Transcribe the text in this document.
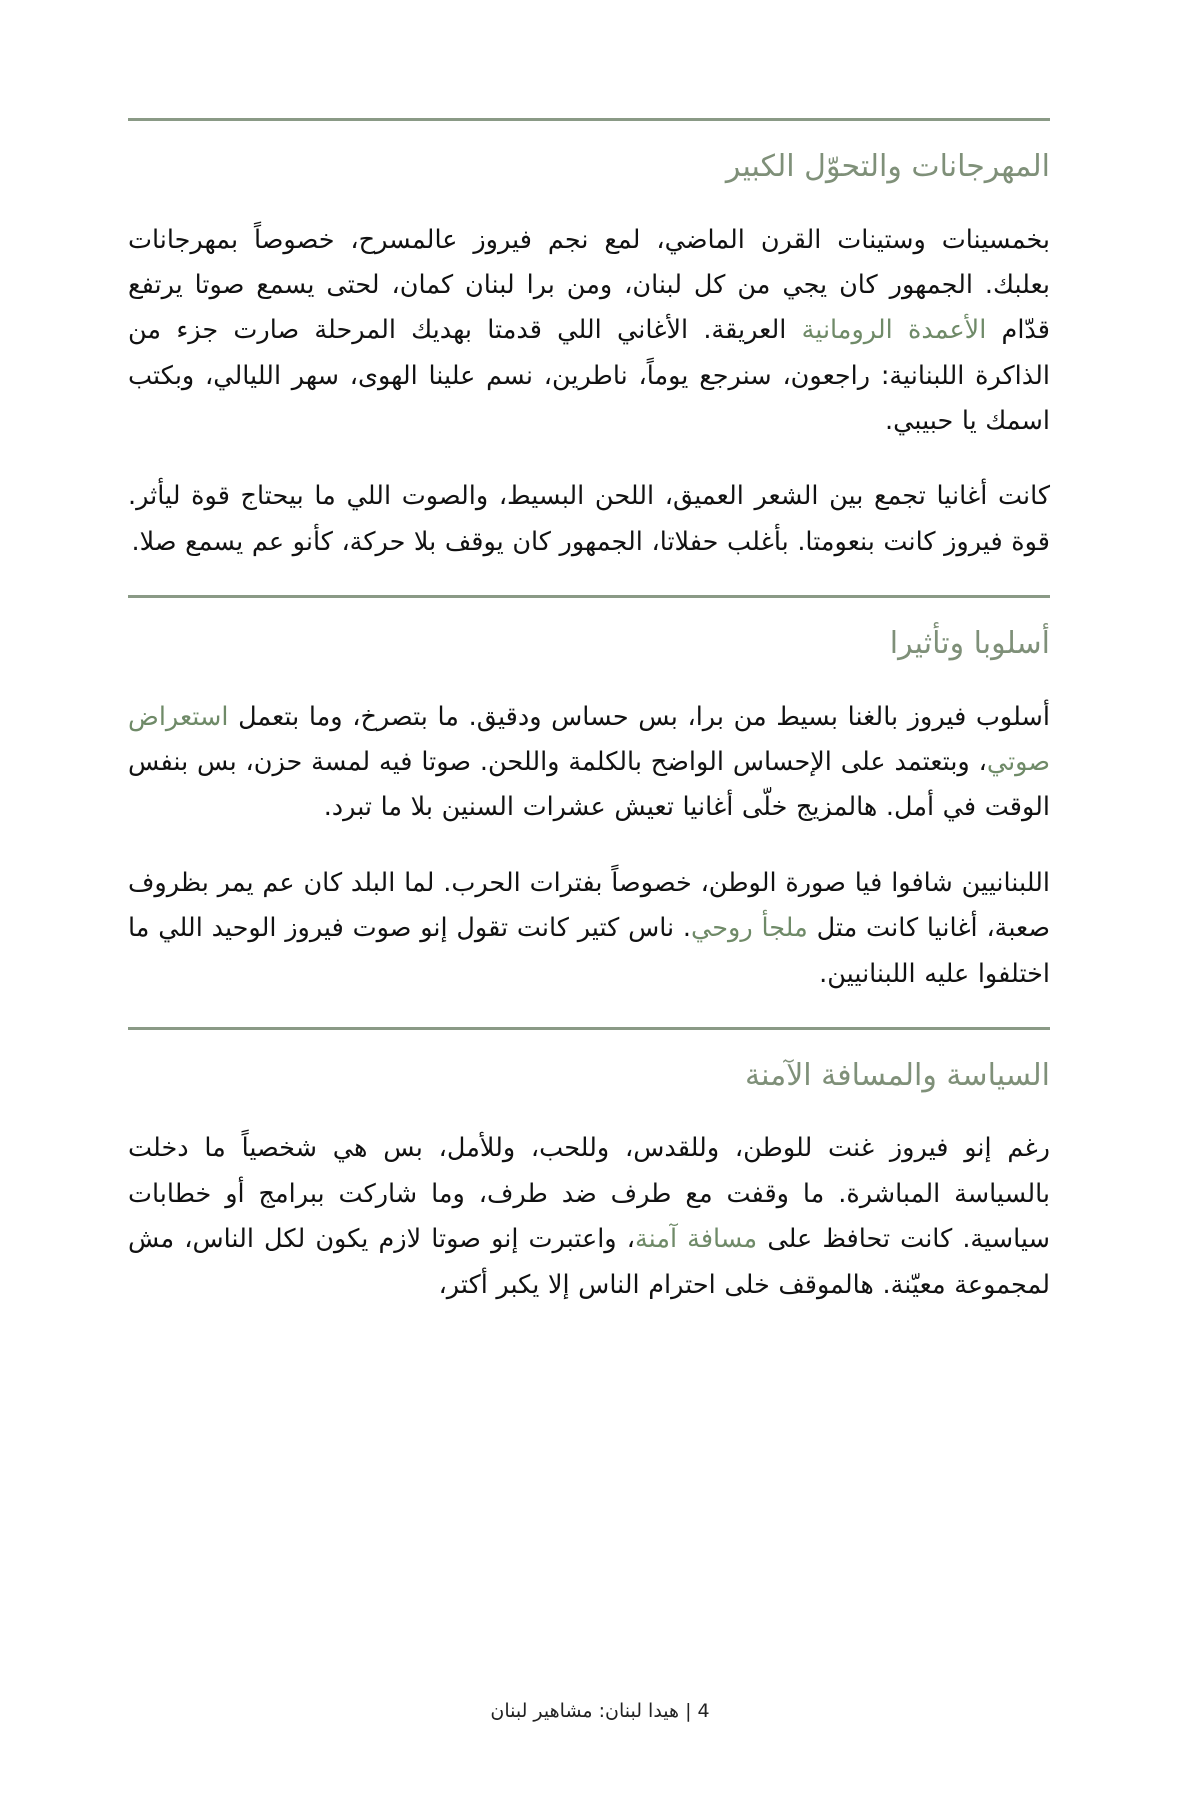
المهرجانات والتحوّل الكبير

بخمسينات وستينات القرن الماضي، لمع نجم فيروز عالمسرح، خصوصاً بمهرجانات بعلبك. الجمهور كان يجي من كل لبنان، ومن برا لبنان كمان، لحتى يسمع صوتا يرتفع قدّام الأعمدة الرومانية العريقة. الأغاني اللي قدمتا بهديك المرحلة صارت جزء من الذاكرة اللبنانية: راجعون، سنرجع يوماً، ناطرين، نسم علينا الهوى، سهر الليالي، وبكتب اسمك يا حبيبي.

كانت أغانيا تجمع بين الشعر العميق، اللحن البسيط، والصوت اللي ما بيحتاج قوة ليأثر. قوة فيروز كانت بنعومتا. بأغلب حفلاتا، الجمهور كان يوقف بلا حركة، كأنو عم يسمع صلا.

أسلوبا وتأثيرا

أسلوب فيروز بالغنا بسيط من برا، بس حساس ودقيق. ما بتصرخ، وما بتعمل استعراض صوتي، وبتعتمد على الإحساس الواضح بالكلمة واللحن. صوتا فيه لمسة حزن، بس بنفس الوقت في أمل. هالمزيج خلّى أغانيا تعيش عشرات السنين بلا ما تبرد.

اللبنانيين شافوا فيا صورة الوطن، خصوصاً بفترات الحرب. لما البلد كان عم يمر بظروف صعبة، أغانيا كانت متل ملجأ روحي. ناس كتير كانت تقول إنو صوت فيروز الوحيد اللي ما اختلفوا عليه اللبنانيين.

السياسة والمسافة الآمنة

رغم إنو فيروز غنت للوطن، وللقدس، وللحب، وللأمل، بس هي شخصياً ما دخلت بالسياسة المباشرة. ما وقفت مع طرف ضد طرف، وما شاركت ببرامج أو خطابات سياسية. كانت تحافظ على مسافة آمنة، واعتبرت إنو صوتا لازم يكون لكل الناس، مش لمجموعة معيّنة. هالموقف خلى احترام الناس إلا يكبر أكتر،

4 | هيدا لبنان: مشاهير لبنان
